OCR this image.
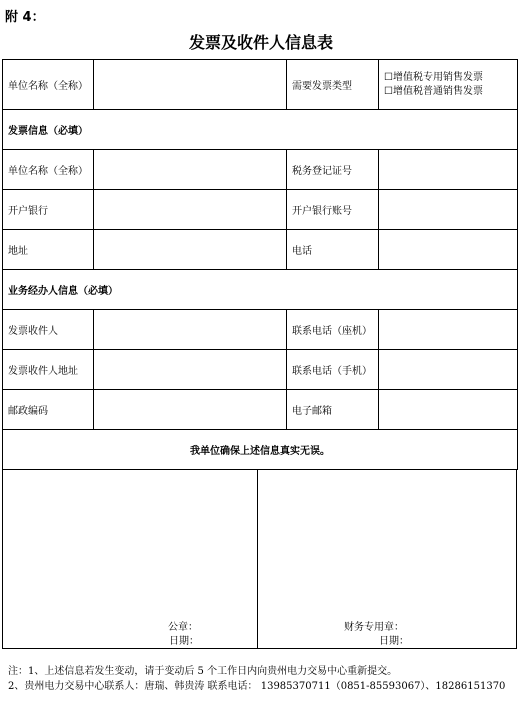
附 4：
发票及收件人信息表
单位名称（全称）		需要发票类型	☐增值税专用销售发票
☐增值税普通销售发票

发票信息（必填）			
单位名称（全称）		税务登记证号	
开户银行		开户银行账号	
地址		电话	
业务经办人信息（必填）			
发票收件人		联系电话（座机）	
发票收件人地址		联系电话（手机）	
邮政编码		电子邮箱	
我单位确保上述信息真实无误。			
公章：
日期：
财务专用章：
日期：
注：1、上述信息若发生变动，请于变动后 5 个工作日内向贵州电力交易中心重新提交。
2、贵州电力交易中心联系人：唐瑞、韩贵涛 联系电话： 13985370711（0851-85593067）、18286151370
